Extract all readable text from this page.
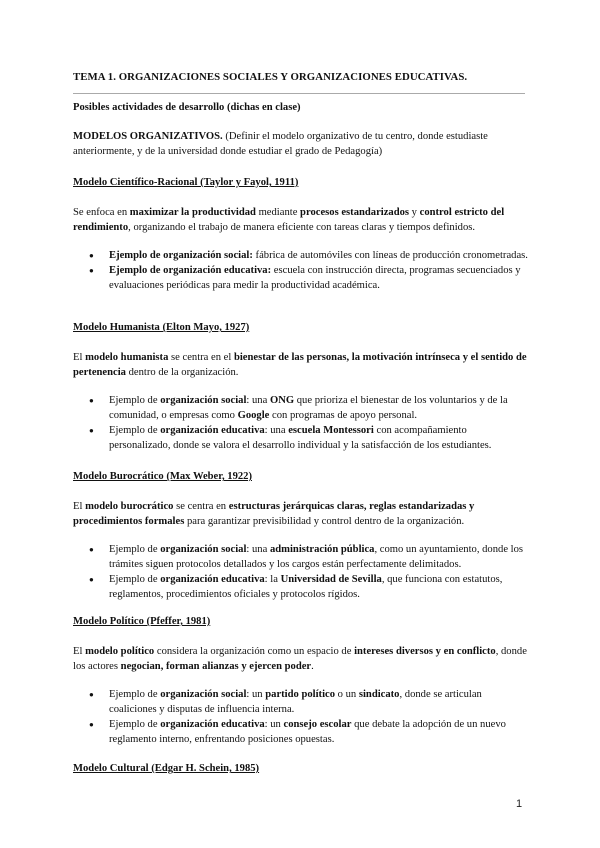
TEMA 1. ORGANIZACIONES SOCIALES Y ORGANIZACIONES EDUCATIVAS.
Posibles actividades de desarrollo (dichas en clase)
MODELOS ORGANIZATIVOS. (Definir el modelo organizativo de tu centro, donde estudiaste anteriormente, y de la universidad donde estudiar el grado de Pedagogía)
Modelo Científico-Racional (Taylor y Fayol, 1911)
Se enfoca en maximizar la productividad mediante procesos estandarizados y control estricto del rendimiento, organizando el trabajo de manera eficiente con tareas claras y tiempos definidos.
● Ejemplo de organización social: fábrica de automóviles con líneas de producción cronometradas.
● Ejemplo de organización educativa: escuela con instrucción directa, programas secuenciados y evaluaciones periódicas para medir la productividad académica.
Modelo Humanista (Elton Mayo, 1927)
El modelo humanista se centra en el bienestar de las personas, la motivación intrínseca y el sentido de pertenencia dentro de la organización.
● Ejemplo de organización social: una ONG que prioriza el bienestar de los voluntarios y de la comunidad, o empresas como Google con programas de apoyo personal.
● Ejemplo de organización educativa: una escuela Montessori con acompañamiento personalizado, donde se valora el desarrollo individual y la satisfacción de los estudiantes.
Modelo Burocrático (Max Weber, 1922)
El modelo burocrático se centra en estructuras jerárquicas claras, reglas estandarizadas y procedimientos formales para garantizar previsibilidad y control dentro de la organización.
● Ejemplo de organización social: una administración pública, como un ayuntamiento, donde los trámites siguen protocolos detallados y los cargos están perfectamente delimitados.
● Ejemplo de organización educativa: la Universidad de Sevilla, que funciona con estatutos, reglamentos, procedimientos oficiales y protocolos rígidos.
Modelo Político (Pfeffer, 1981)
El modelo político considera la organización como un espacio de intereses diversos y en conflicto, donde los actores negocian, forman alianzas y ejercen poder.
● Ejemplo de organización social: un partido político o un sindicato, donde se articulan coaliciones y disputas de influencia interna.
● Ejemplo de organización educativa: un consejo escolar que debate la adopción de un nuevo reglamento interno, enfrentando posiciones opuestas.
Modelo Cultural (Edgar H. Schein, 1985)
1
